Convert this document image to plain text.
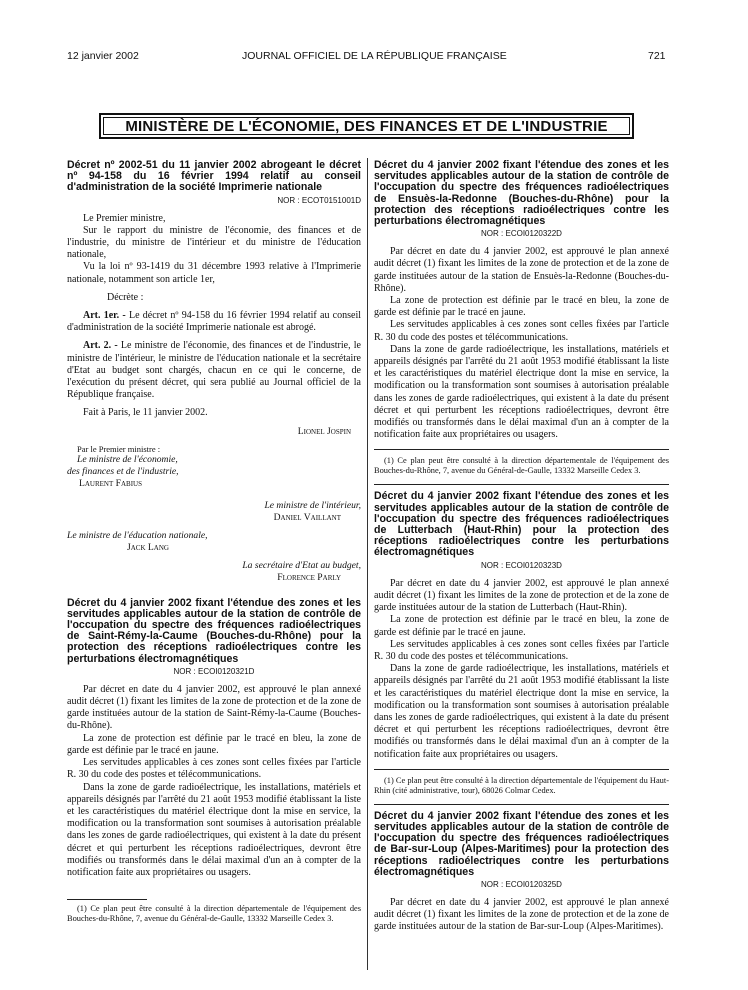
12 janvier 2002	JOURNAL OFFICIEL DE LA RÉPUBLIQUE FRANÇAISE	721
MINISTÈRE DE L'ÉCONOMIE, DES FINANCES ET DE L'INDUSTRIE
Décret nº 2002-51 du 11 janvier 2002 abrogeant le décret nº 94-158 du 16 février 1994 relatif au conseil d'administration de la société Imprimerie nationale
NOR : ECOT0151001D

Le Premier ministre,

Sur le rapport du ministre de l'économie, des finances et de l'industrie, du ministre de l'intérieur et du ministre de l'éducation nationale,

Vu la loi nº 93-1419 du 31 décembre 1993 relative à l'Imprimerie nationale, notamment son article 1er,

Décrète :

Art. 1er. - Le décret nº 94-158 du 16 février 1994 relatif au conseil d'administration de la société Imprimerie nationale est abrogé.

Art. 2. - Le ministre de l'économie, des finances et de l'industrie, le ministre de l'intérieur, le ministre de l'éducation nationale et la secrétaire d'Etat au budget sont chargés, chacun en ce qui le concerne, de l'exécution du présent décret, qui sera publié au Journal officiel de la République française.

Fait à Paris, le 11 janvier 2002.

Lionel Jospin
Par le Premier ministre :
Le ministre de l'économie,
des finances et de l'industrie,
Laurent Fabius
Le ministre de l'intérieur,
Daniel Vaillant
Le ministre de l'éducation nationale,
Jack Lang
La secrétaire d'Etat au budget,
Florence Parly
Décret du 4 janvier 2002 fixant l'étendue des zones et les servitudes applicables autour de la station de contrôle de l'occupation du spectre des fréquences radioélectriques de Saint-Rémy-la-Caume (Bouches-du-Rhône) pour la protection des réceptions radioélectriques contre les perturbations électromagnétiques
NOR : ECOI0120321D

Par décret en date du 4 janvier 2002, est approuvé le plan annexé audit décret (1) fixant les limites de la zone de protection et de la zone de garde instituées autour de la station de Saint-Rémy-la-Caume (Bouches-du-Rhône).

La zone de protection est définie par le tracé en bleu, la zone de garde est définie par le tracé en jaune.

Les servitudes applicables à ces zones sont celles fixées par l'article R. 30 du code des postes et télécommunications.

Dans la zone de garde radioélectrique, les installations, matériels et appareils désignés par l'arrêté du 21 août 1953 modifié établissant la liste et les caractéristiques du matériel électrique dont la mise en service, la modification ou la transformation sont soumises à autorisation préalable dans les zones de garde radioélectriques, qui existent à la date du présent décret et qui perturbent les réceptions radioélectriques, devront être modifiés ou transformés dans le délai maximal d'un an à compter de la notification faite aux propriétaires ou usagers.

(1) Ce plan peut être consulté à la direction départementale de l'équipement des Bouches-du-Rhône, 7, avenue du Général-de-Gaulle, 13332 Marseille Cedex 3.

Décret du 4 janvier 2002 fixant l'étendue des zones et les servitudes applicables autour de la station de contrôle de l'occupation du spectre des fréquences radioélectriques de Ensuès-la-Redonne (Bouches-du-Rhône) pour la protection des réceptions radioélectriques contre les perturbations électromagnétiques
NOR : ECOI0120322D

Par décret en date du 4 janvier 2002, est approuvé le plan annexé audit décret (1) fixant les limites de la zone de protection et de la zone de garde instituées autour de la station de Ensuès-la-Redonne (Bouches-du-Rhône).

La zone de protection est définie par le tracé en bleu, la zone de garde est définie par le tracé en jaune.

Les servitudes applicables à ces zones sont celles fixées par l'article R. 30 du code des postes et télécommunications.

Dans la zone de garde radioélectrique, les installations, matériels et appareils désignés par l'arrêté du 21 août 1953 modifié établissant la liste et les caractéristiques du matériel électrique dont la mise en service, la modification ou la transformation sont soumises à autorisation préalable dans les zones de garde radioélectriques, qui existent à la date du présent décret et qui perturbent les réceptions radioélectriques, devront être modifiés ou transformés dans le délai maximal d'un an à compter de la notification faite aux propriétaires ou usagers.

(1) Ce plan peut être consulté à la direction départementale de l'équipement des Bouches-du-Rhône, 7, avenue du Général-de-Gaulle, 13332 Marseille Cedex 3.

Décret du 4 janvier 2002 fixant l'étendue des zones et les servitudes applicables autour de la station de contrôle de l'occupation du spectre des fréquences radioélectriques de Lutterbach (Haut-Rhin) pour la protection des réceptions radioélectriques contre les perturbations électromagnétiques
NOR : ECOI0120323D

Par décret en date du 4 janvier 2002, est approuvé le plan annexé audit décret (1) fixant les limites de la zone de protection et de la zone de garde instituées autour de la station de Lutterbach (Haut-Rhin).

La zone de protection est définie par le tracé en bleu, la zone de garde est définie par le tracé en jaune.

Les servitudes applicables à ces zones sont celles fixées par l'article R. 30 du code des postes et télécommunications.

Dans la zone de garde radioélectrique, les installations, matériels et appareils désignés par l'arrêté du 21 août 1953 modifié établissant la liste et les caractéristiques du matériel électrique dont la mise en service, la modification ou la transformation sont soumises à autorisation préalable dans les zones de garde radioélectriques, qui existent à la date du présent décret et qui perturbent les réceptions radioélectriques, devront être modifiés ou transformés dans le délai maximal d'un an à compter de la notification faite aux propriétaires ou usagers.

(1) Ce plan peut être consulté à la direction départementale de l'équipement du Haut-Rhin (cité administrative, tour), 68026 Colmar Cedex.

Décret du 4 janvier 2002 fixant l'étendue des zones et les servitudes applicables autour de la station de contrôle de l'occupation du spectre des fréquences radioélectriques de Bar-sur-Loup (Alpes-Maritimes) pour la protection des réceptions radioélectriques contre les perturbations électromagnétiques
NOR : ECOI0120325D

Par décret en date du 4 janvier 2002, est approuvé le plan annexé audit décret (1) fixant les limites de la zone de protection et de la zone de garde instituées autour de la station de Bar-sur-Loup (Alpes-Maritimes).
